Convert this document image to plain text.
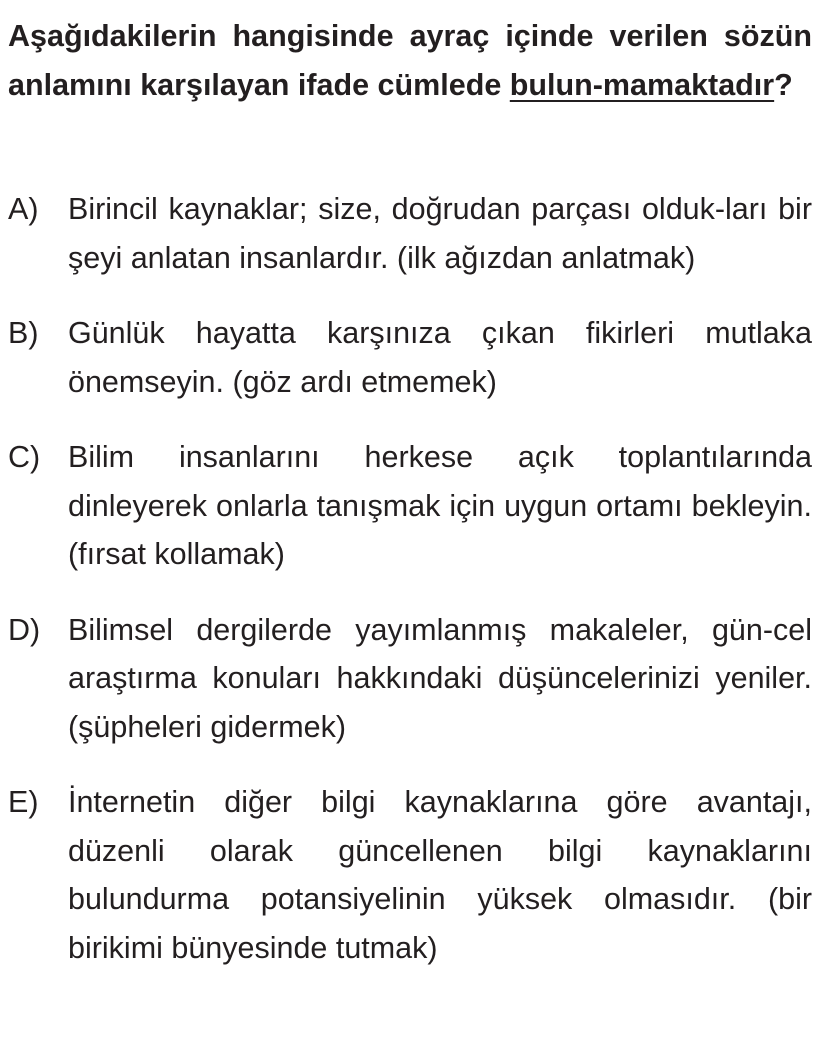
Aşağıdakilerin hangisinde ayraç içinde verilen sözün anlamını karşılayan ifade cümlede bulun-mamaktadır?
A) Birincil kaynaklar; size, doğrudan parçası olduk-ları bir şeyi anlatan insanlardır. (ilk ağızdan anlatmak)
B) Günlük hayatta karşınıza çıkan fikirleri mutlaka önemseyin. (göz ardı etmemek)
C) Bilim insanlarını herkese açık toplantılarında dinleyerek onlarla tanışmak için uygun ortamı bekleyin. (fırsat kollamak)
D) Bilimsel dergilerde yayımlanmış makaleler, gün-cel araştırma konuları hakkındaki düşüncelerinizi yeniler. (şüpheleri gidermek)
E) İnternetin diğer bilgi kaynaklarına göre avantajı, düzenli olarak güncellenen bilgi kaynaklarını bulundurma potansiyelinin yüksek olmasıdır. (bir birikimi bünyesinde tutmak)
